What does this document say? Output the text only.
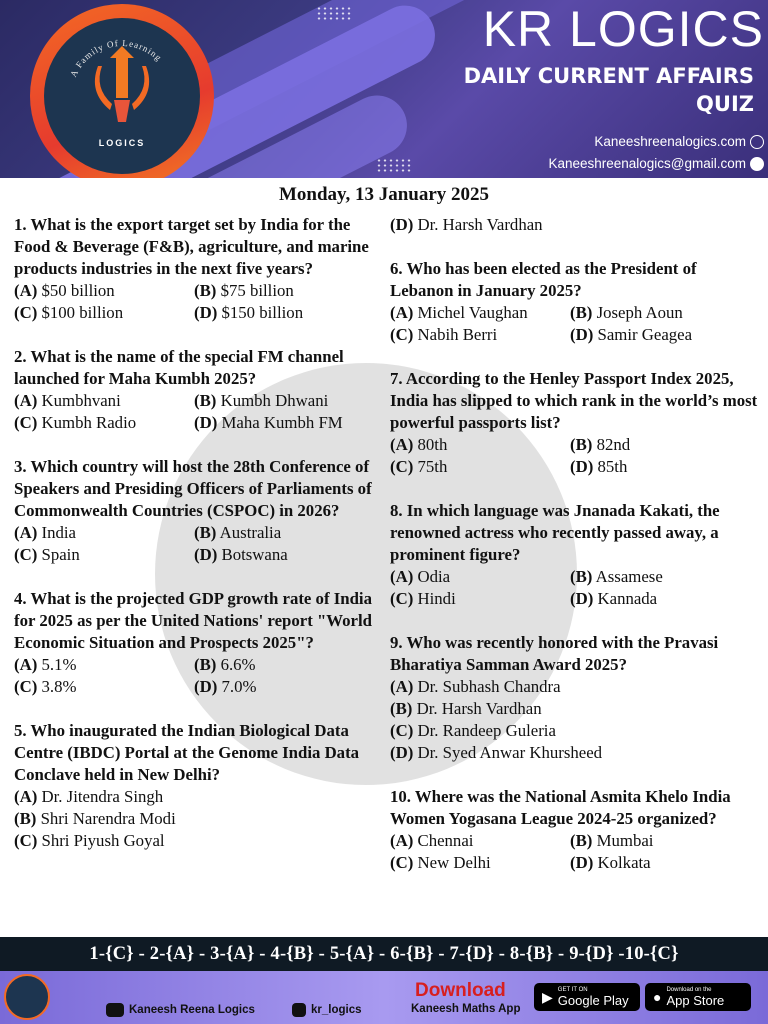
A Family Of Learning
LOGICS
KR LOGICS
DAILY CURRENT AFFAIRS QUIZ
Kaneeshreenalogics.com
Kaneeshreenalogics@gmail.com
Monday, 13 January 2025
1. What is the export target set by India for the Food & Beverage (F&B), agriculture, and marine products industries in the next five years?
(A) $50 billion	(B) $75 billion
(C) $100 billion	(D) $150 billion
2. What is the name of the special FM channel launched for Maha Kumbh 2025?
(A) Kumbhvani	(B) Kumbh Dhwani
(C) Kumbh Radio	(D) Maha Kumbh FM
3. Which country will host the 28th Conference of Speakers and Presiding Officers of Parliaments of Commonwealth Countries (CSPOC) in 2026?
(A) India	(B) Australia
(C) Spain	(D) Botswana
4. What is the projected GDP growth rate of India for 2025 as per the United Nations' report "World Economic Situation and Prospects 2025"?
(A) 5.1%	(B) 6.6%
(C) 3.8%	(D) 7.0%
5. Who inaugurated the Indian Biological Data Centre (IBDC) Portal at the Genome India Data Conclave held in New Delhi?
(A) Dr. Jitendra Singh
(B) Shri Narendra Modi
(C) Shri Piyush Goyal
(D) Dr. Harsh Vardhan
6. Who has been elected as the President of Lebanon in January 2025?
(A) Michel Vaughan	(B) Joseph Aoun
(C) Nabih Berri	(D) Samir Geagea
7. According to the Henley Passport Index 2025, India has slipped to which rank in the world’s most powerful passports list?
(A) 80th	(B) 82nd
(C) 75th	(D) 85th
8. In which language was Jnanada Kakati, the renowned actress who recently passed away, a prominent figure?
(A) Odia	(B) Assamese
(C) Hindi	(D) Kannada
9. Who was recently honored with the Pravasi Bharatiya Samman Award 2025?
(A) Dr. Subhash Chandra
(B) Dr. Harsh Vardhan
(C) Dr. Randeep Guleria
(D) Dr. Syed Anwar Khursheed
10. Where was the National Asmita Khelo India Women Yogasana League 2024-25 organized?
(A) Chennai	(B) Mumbai
(C) New Delhi	(D) Kolkata
1-{C} - 2-{A} - 3-{A} - 4-{B} - 5-{A} - 6-{B} - 7-{D} - 8-{B} - 9-{D} -10-{C}
Kaneesh Reena Logics	kr_logics	Kaneesh Maths App
Download	▶ GET IT ON
Google Play ● Download on the
App Store
